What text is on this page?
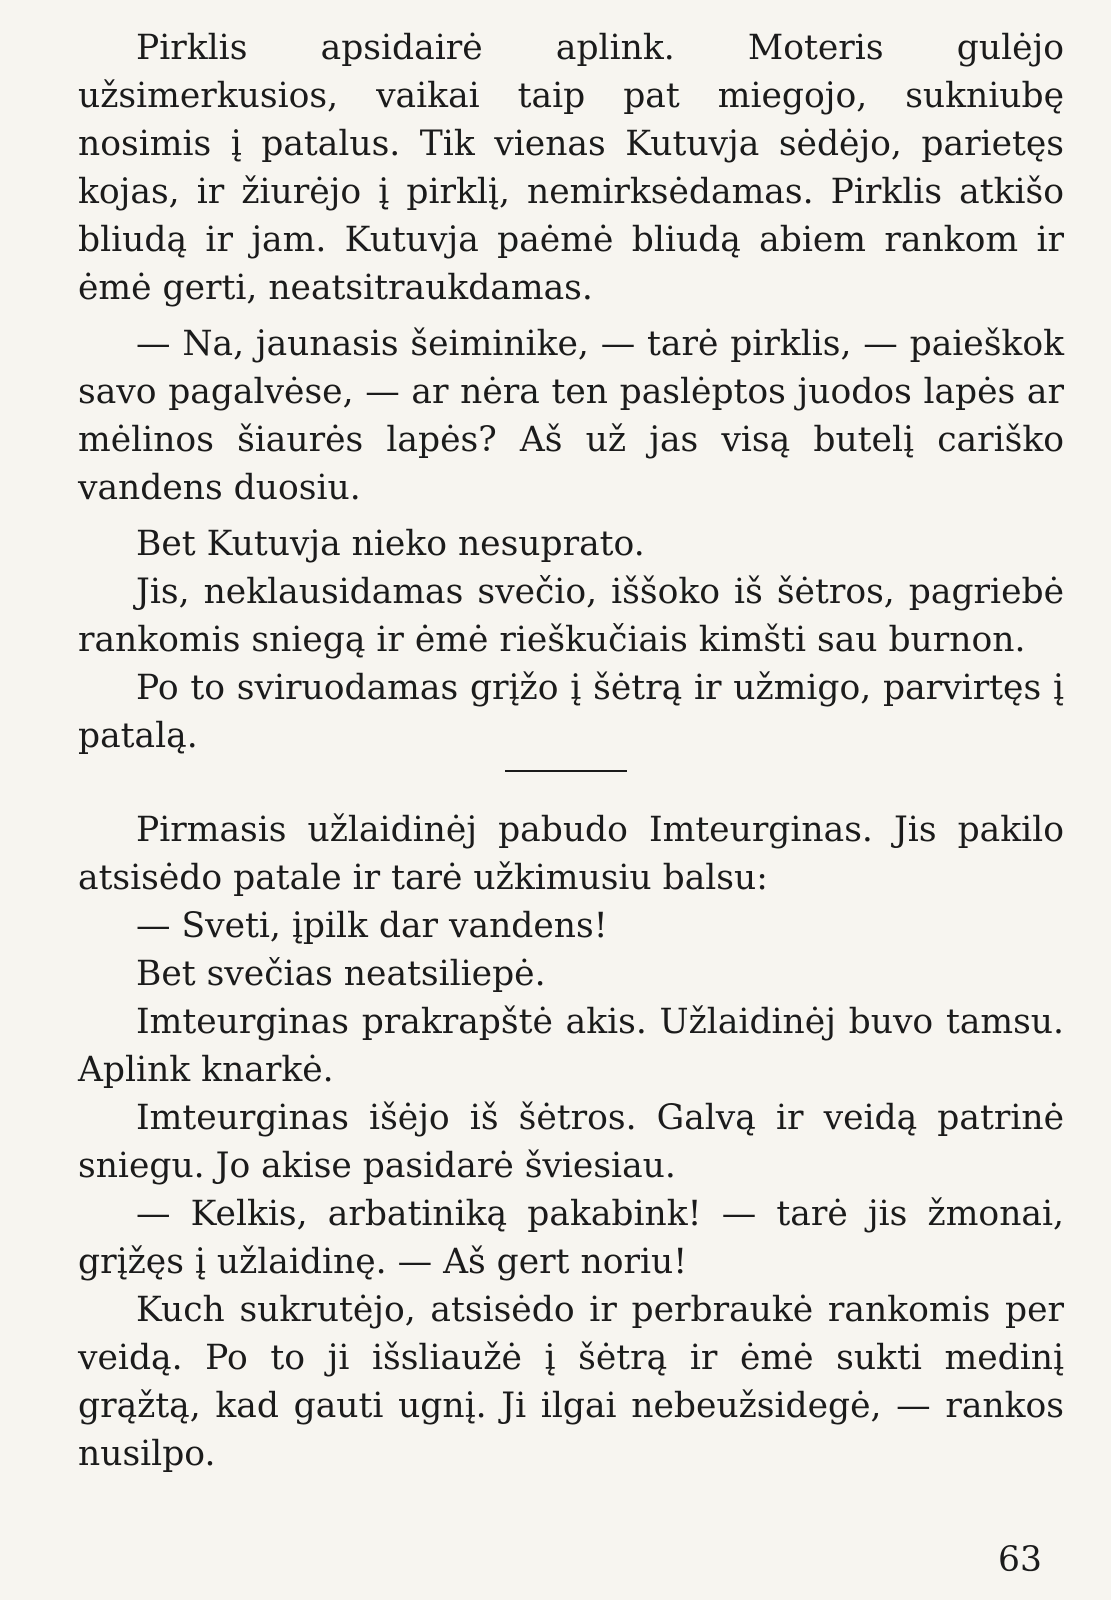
Pirklis apsidairė aplink. Moteris gulėjo užsimerkusios, vaikai taip pat miegojo, sukniubę nosimis į patalus. Tik vienas Kutuvja sėdėjo, parietęs kojas, ir žiurėjo į pirklį, nemirksėdamas. Pirklis atkišo bliudą ir jam. Kutuvja paėmė bliudą abiem rankom ir ėmė gerti, neatsitraukdamas.

— Na, jaunasis šeiminike, — tarė pirklis, — paieškok savo pagalvėse, — ar nėra ten paslėptos juodos lapės ar mėlinos šiaurės lapės? Aš už jas visą butelį cariško vandens duosiu.

Bet Kutuvja nieko nesuprato.

Jis, neklausidamas svečio, iššoko iš šėtros, pagriebė rankomis sniegą ir ėmė rieškučiais kimšti sau burnon.

Po to sviruodamas grįžo į šėtrą ir užmigo, parvirtęs į patalą.

Pirmasis užlaidinėj pabudo Imteurginas. Jis pakilo atsisėdo patale ir tarė užkimusiu balsu:

— Sveti, įpilk dar vandens!

Bet svečias neatsiliepė.

Imteurginas prakrapštė akis. Užlaidinėj buvo tamsu. Aplink knarkė.

Imteurginas išėjo iš šėtros. Galvą ir veidą patrinė sniegu. Jo akise pasidarė šviesiau.

— Kelkis, arbatiniką pakabink! — tarė jis žmonai, grįžęs į užlaidinę. — Aš gert noriu!

Kuch sukrutėjo, atsisėdo ir perbraukė rankomis per veidą. Po to ji išsliaužė į šėtrą ir ėmė sukti medinį grąžtą, kad gauti ugnį. Ji ilgai nebeužsidegė, — rankos nusilpo.

63
